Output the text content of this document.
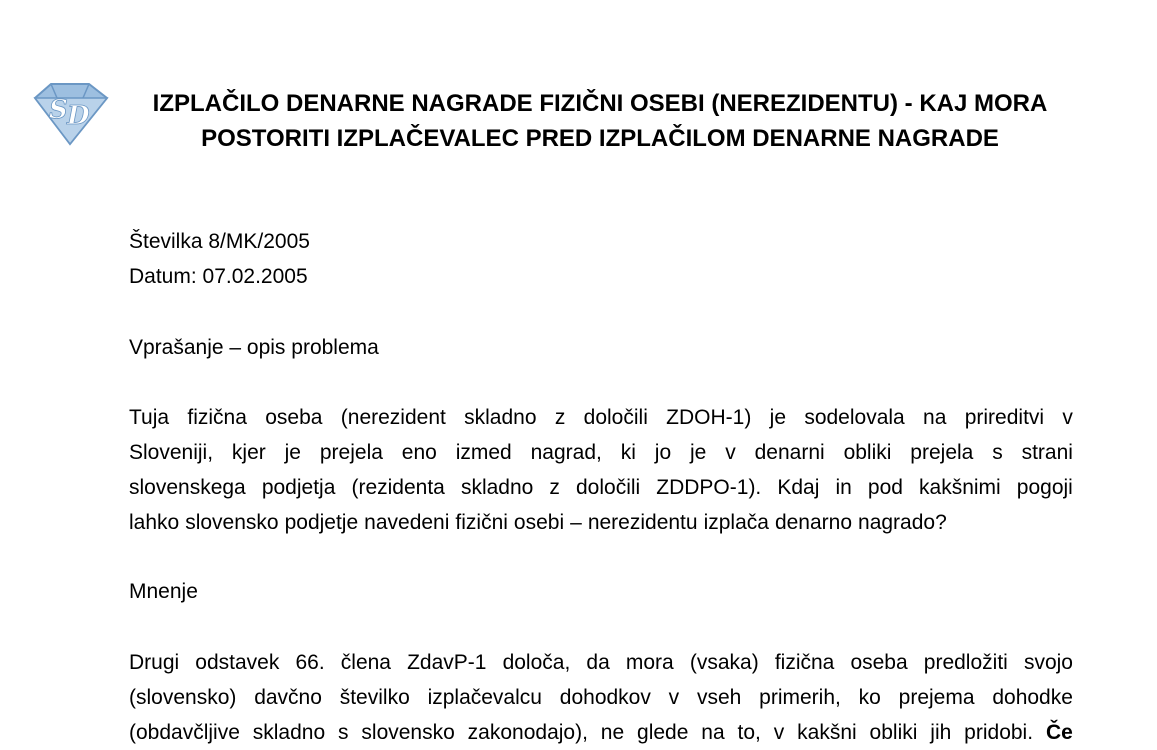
S D	IZPLAČILO DENARNE NAGRADE FIZIČNI OSEBI (NEREZIDENTU) - KAJ MORA POSTORITI IZPLAČEVALEC PRED IZPLAČILOM DENARNE NAGRADE
Številka 8/MK/2005
Datum: 07.02.2005
Vprašanje – opis problema
Tuja fizična oseba (nerezident skladno z določili ZDOH-1) je sodelovala na prireditvi v
Sloveniji, kjer je prejela eno izmed nagrad, ki jo je v denarni obliki prejela s strani
slovenskega podjetja (rezidenta skladno z določili ZDDPO-1). Kdaj in pod kakšnimi pogoji
lahko slovensko podjetje navedeni fizični osebi – nerezidentu izplača denarno nagrado?
Mnenje
Drugi odstavek 66. člena ZdavP-1 določa, da mora (vsaka) fizična oseba predložiti svojo
(slovensko) davčno številko izplačevalcu dohodkov v vseh primerih, ko prejema dohodke
(obdavčljive skladno s slovensko zakonodajo), ne glede na to, v kakšni obliki jih pridobi. Če
